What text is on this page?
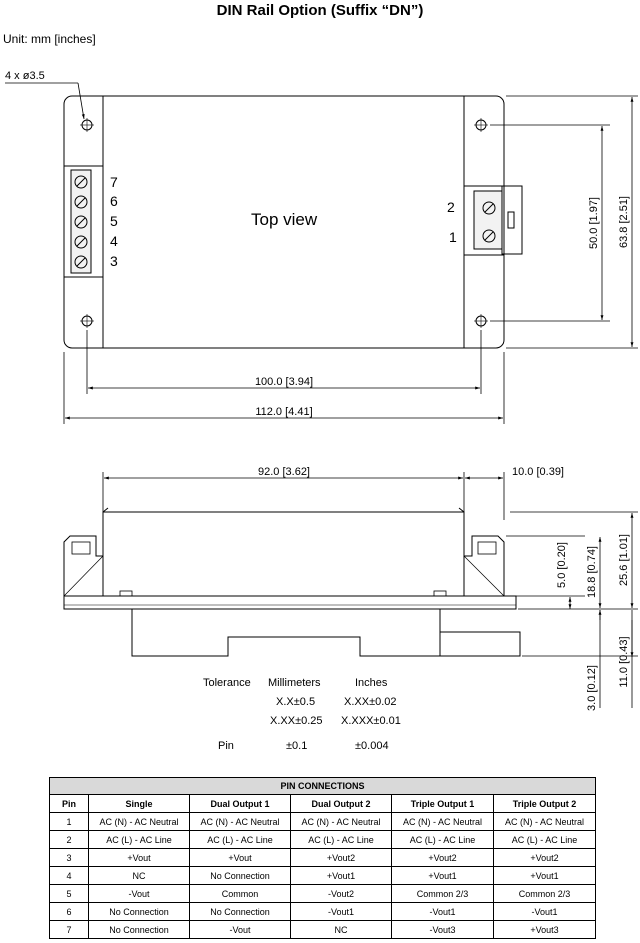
DIN Rail Option (Suffix “DN”)
Unit: mm [inches]
4 x ø3.5
Top view
7
6
5
4
3
2
1
100.0 [3.94]
112.0 [4.41]
50.0 [1.97] 63.8 [2.51]
92.0 [3.62]	10.0 [0.39]
5.0 [0.20] 18.8 [0.74] 25.6 [1.01]
3.0 [0.12]
11.0 [0.43]
Tolerance Millimeters	Inches
X.X±0.5	X.XX±0.02
X.XX±0.25 X.XXX±0.01
Pin	±0.1	±0.004
PIN CONNECTIONS					
Pin	Single	Dual Output 1	Dual Output 2	Triple Output 1	Triple Output 2
1	AC (N) - AC Neutral	AC (N) - AC Neutral	AC (N) - AC Neutral	AC (N) - AC Neutral	AC (N) - AC Neutral
2	AC (L) - AC Line	AC (L) - AC Line	AC (L) - AC Line	AC (L) - AC Line	AC (L) - AC Line
3	+Vout	+Vout	+Vout2	+Vout2	+Vout2
4	NC	No Connection	+Vout1	+Vout1	+Vout1
5	-Vout	Common	-Vout2	Common 2/3	Common 2/3
6	No Connection	No Connection	-Vout1	-Vout1	-Vout1
7	No Connection	-Vout	NC	-Vout3	+Vout3
